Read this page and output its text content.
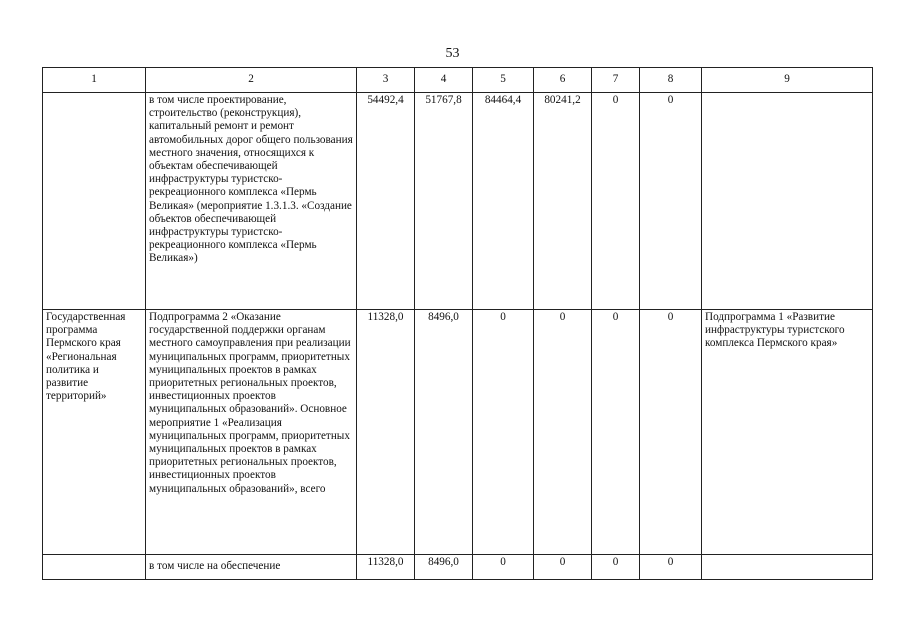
53
1	2	3	4	5	6	7	8	9
	в том числе проектирование, строительство (реконструкция), капитальный ремонт и ремонт автомобильных дорог общего пользования местного значения, относящихся к объектам обеспечивающей инфраструктуры туристско-рекреационного комплекса «Пермь Великая» (мероприятие 1.3.1.3. «Создание объектов обеспечивающей инфраструктуры туристско-рекреационного комплекса «Пермь Великая»)	54492,4	51767,8	84464,4	80241,2	0	0	
Государственная программа Пермского края «Региональная политика и развитие территорий»	Подпрограмма 2 «Оказание государственной поддержки органам местного самоуправления при реализации муниципальных программ, приоритетных муниципальных проектов в рамках приоритетных региональных проектов, инвестиционных проектов муниципальных образований». Основное мероприятие 1 «Реализация муниципальных программ, приоритетных муниципальных проектов в рамках приоритетных региональных проектов, инвестиционных проектов муниципальных образований», всего	11328,0	8496,0	0	0	0	0	Подпрограмма 1 «Развитие инфраструктуры туристского комплекса Пермского края»
	в том числе на обеспечение	11328,0	8496,0	0	0	0	0	
